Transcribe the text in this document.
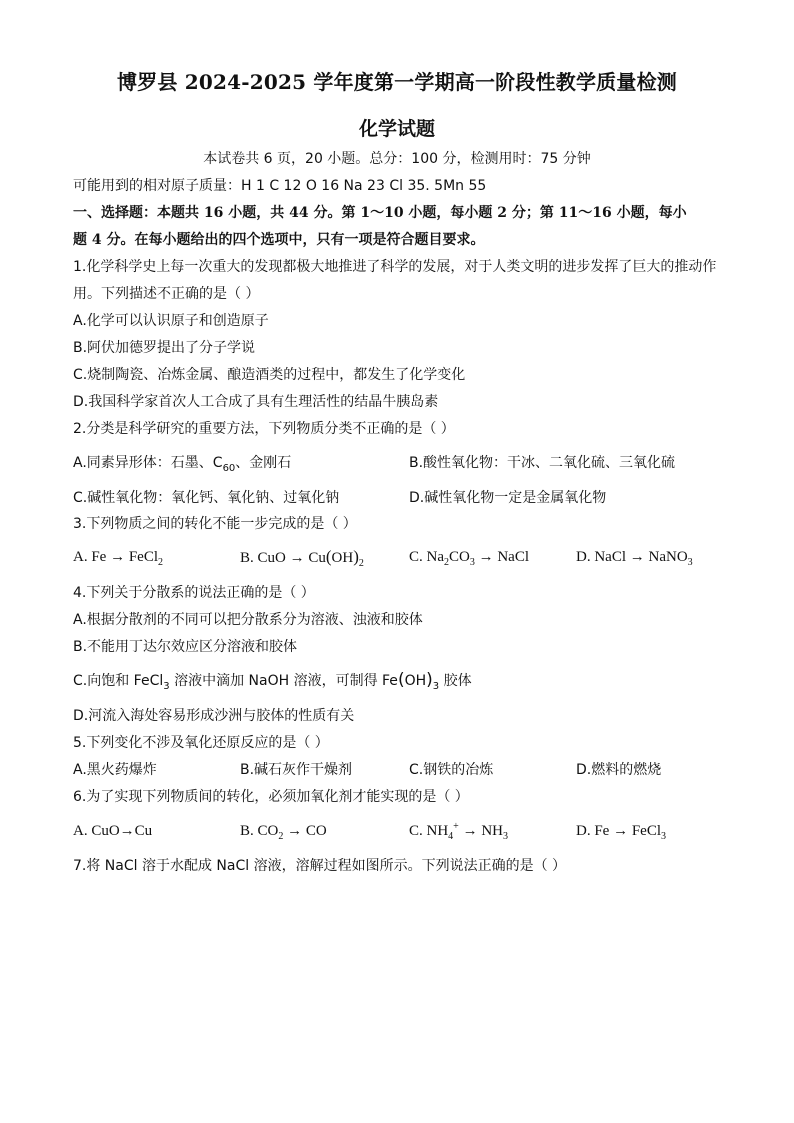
博罗县 2024-2025 学年度第一学期高一阶段性教学质量检测
化学试题
本试卷共 6 页，20 小题。总分：100 分，检测用时：75 分钟
可能用到的相对原子质量：H 1 C 12 O 16 Na 23 Cl 35. 5Mn 55
一、选择题：本题共 16 小题，共 44 分。第 1～10 小题，每小题 2 分；第 11～16 小题，每小
题 4 分。在每小题给出的四个选项中，只有一项是符合题目要求。
1.化学科学史上每一次重大的发现都极大地推进了科学的发展，对于人类文明的进步发挥了巨大的推动作
用。下列描述不正确的是（ ）
A.化学可以认识原子和创造原子
B.阿伏加德罗提出了分子学说
C.烧制陶瓷、冶炼金属、酿造酒类的过程中，都发生了化学变化
D.我国科学家首次人工合成了具有生理活性的结晶牛胰岛素
2.分类是科学研究的重要方法，下列物质分类不正确的是（ ）
A.同素异形体：石墨、$C_{60}$、金刚石	B.酸性氧化物：干冰、二氧化硫、三氧化硫
C.碱性氧化物：氧化钙、氧化钠、过氧化钠	D.碱性氧化物一定是金属氧化物
3.下列物质之间的转化不能一步完成的是（ ）
A. Fe → FeCl$_2$	B. CuO → $Cu(OH)_2$	C. $Na_2CO_3$ → NaCl	D. NaCl → NaNO$_3$
4.下列关于分散系的说法正确的是（ ）
A.根据分散剂的不同可以把分散系分为溶液、浊液和胶体
B.不能用丁达尔效应区分溶液和胶体
C.向饱和 FeCl$_3$ 溶液中滴加 NaOH 溶液，可制得 $Fe(OH)_3$ 胶体
D.河流入海处容易形成沙洲与胶体的性质有关
5.下列变化不涉及氧化还原反应的是（ ）
A.黑火药爆炸	B.碱石灰作干燥剂	C.钢铁的冶炼	D.燃料的燃烧
6.为了实现下列物质间的转化，必须加氧化剂才能实现的是（ ）
A. CuO→Cu	B. $CO_2$ → CO	C. $NH_4^+ \to NH_3$	D. Fe → FeCl$_3$
7.将 NaCl 溶于水配成 NaCl 溶液，溶解过程如图所示。下列说法正确的是（ ）
